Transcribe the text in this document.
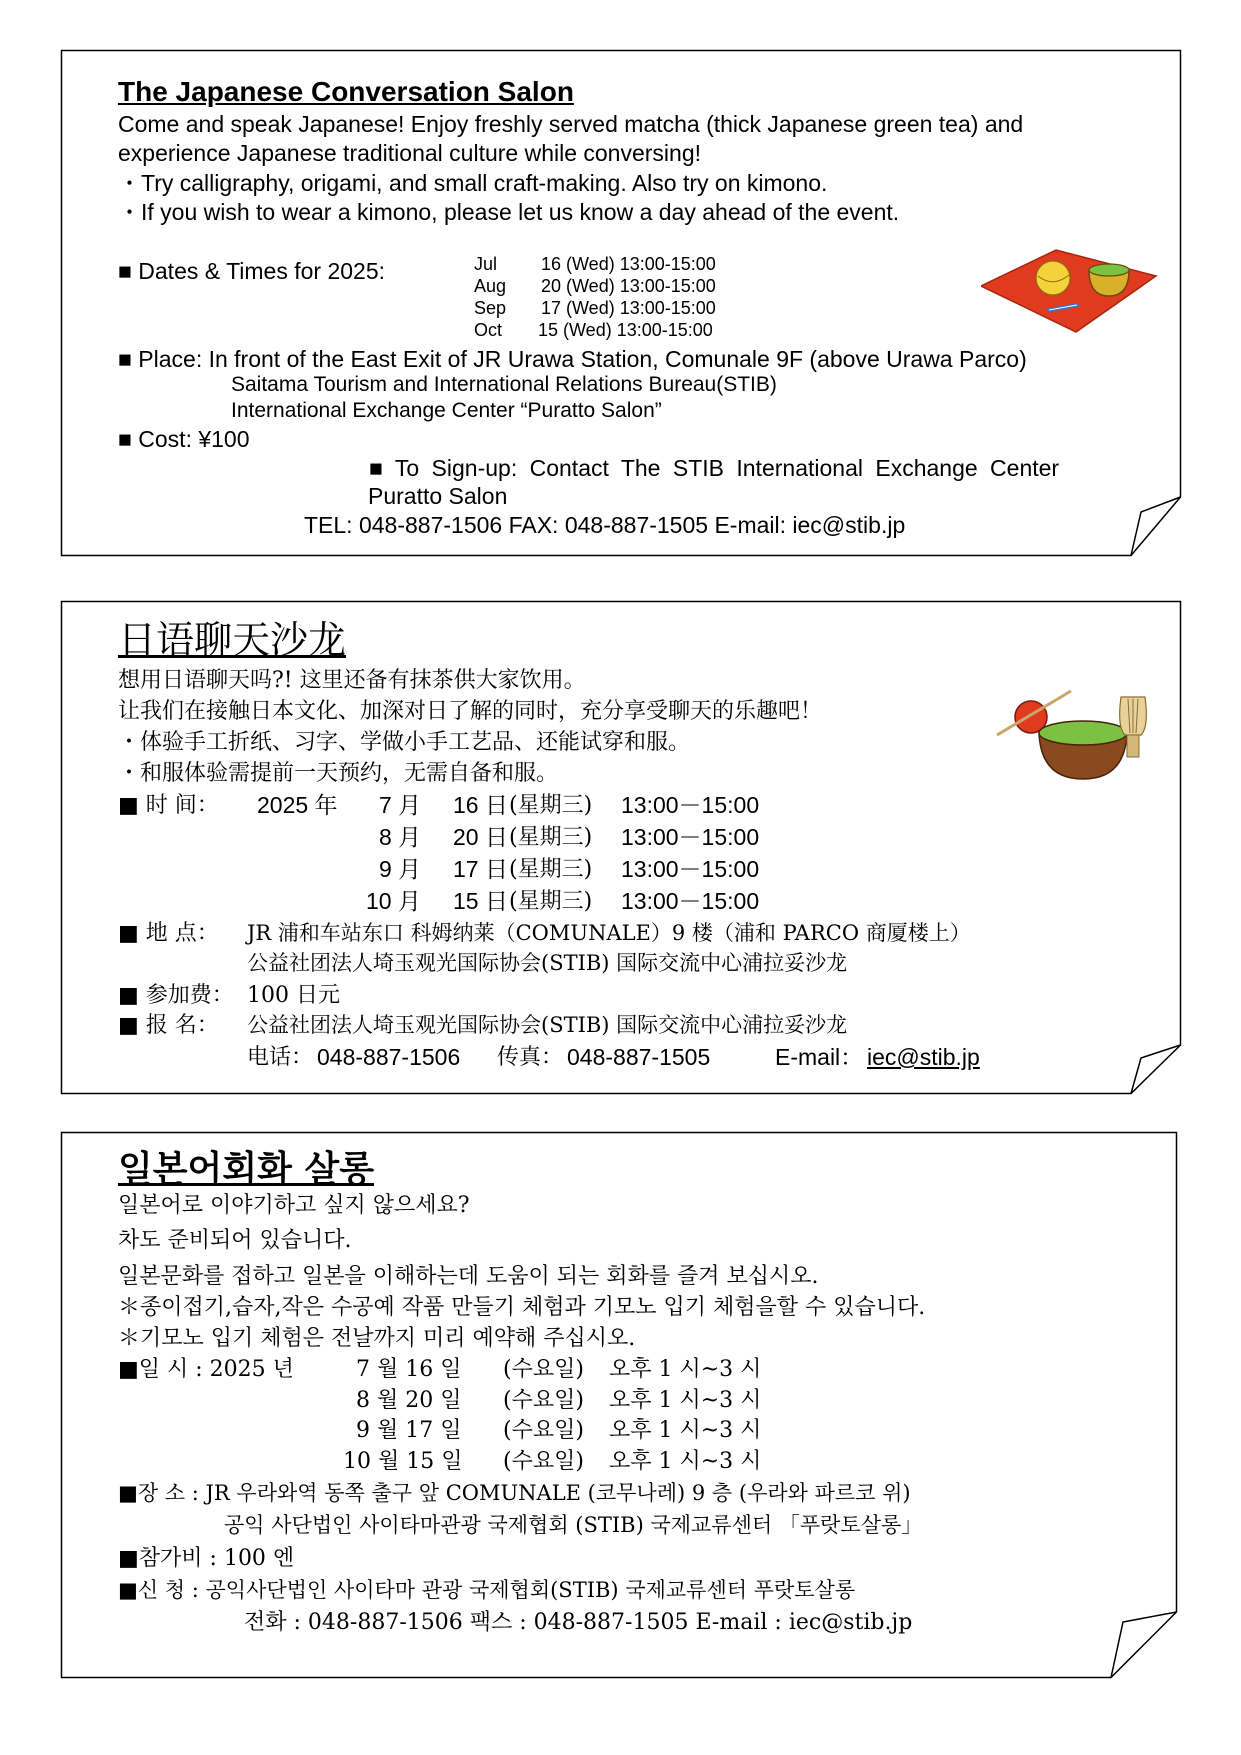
The Japanese Conversation Salon
Come and speak Japanese! Enjoy freshly served matcha (thick Japanese green tea) and
experience Japanese traditional culture while conversing!
・Try calligraphy, origami, and small craft-making. Also try on kimono.
・If you wish to wear a kimono, please let us know a day ahead of the event.
■ Dates & Times for 2025:	Jul 16 (Wed) 13:00-15:00
Aug 20 (Wed) 13:00-15:00
Sep 17 (Wed) 13:00-15:00
Oct 15 (Wed) 13:00-15:00
■ Place: In front of the East Exit of JR Urawa Station, Comunale 9F (above Urawa Parco)
Saitama Tourism and International Relations Bureau(STIB)
International Exchange Center “Puratto Salon”
■ Cost: ¥100
■ To Sign-up: Contact The STIB International Exchange Center
Puratto Salon
TEL: 048-887-1506 FAX: 048-887-1505 E-mail: iec@stib.jp
日语聊天沙龙
想用日语聊天吗?! 这里还备有抹茶供大家饮用。
让我们在接触日本文化、加深对日了解的同时，充分享受聊天的乐趣吧！
・体验手工折纸、习字、学做小手工艺品、还能试穿和服。
・和服体验需提前一天预约，无需自备和服。
■ 时 间： 2025 年 7 月 16 日 (星期三) 13:00－15:00
8 月 20 日 (星期三) 13:00－15:00
9 月 17 日 (星期三) 13:00－15:00
10 月 15 日 (星期三) 13:00－15:00
■ 地 点： JR 浦和车站东口 科姆纳莱（COMUNALE）9 楼（浦和 PARCO 商厦楼上）
公益社团法人埼玉观光国际协会(STIB) 国际交流中心浦拉妥沙龙
■ 参加费： 100 日元
■ 报 名： 公益社团法人埼玉观光国际协会(STIB) 国际交流中心浦拉妥沙龙
电话： 048-887-1506 传真： 048-887-1505	E-mail： iec@stib.jp
일본어회화 살롱
일본어로 이야기하고 싶지 않으세요?
차도 준비되어 있습니다.
일본문화를 접하고 일본을 이해하는데 도움이 되는 회화를 즐겨 보십시오.
＊종이접기,습자,작은 수공예 작품 만들기 체험과 기모노 입기 체험을할 수 있습니다.
＊기모노 입기 체험은 전날까지 미리 예약해 주십시오.
■일 시 : 2025 년	7 월 16 일 (수요일) 오후 1 시~3 시
8 월 20 일 (수요일) 오후 1 시~3 시
9 월 17 일 (수요일) 오후 1 시~3 시
10 월 15 일 (수요일) 오후 1 시~3 시
■장 소 : JR 우라와역 동쪽 출구 앞 COMUNALE (코무나레) 9 층 (우라와 파르코 위)
공익 사단법인 사이타마관광 국제협회 (STIB) 국제교류센터 「푸랏토살롱」
■참가비 : 100 엔
■신 청 : 공익사단법인 사이타마 관광 국제협회(STIB) 국제교류센터 푸랏토살롱
전화 : 048-887-1506 팩스 : 048-887-1505 E-mail : iec@stib.jp
